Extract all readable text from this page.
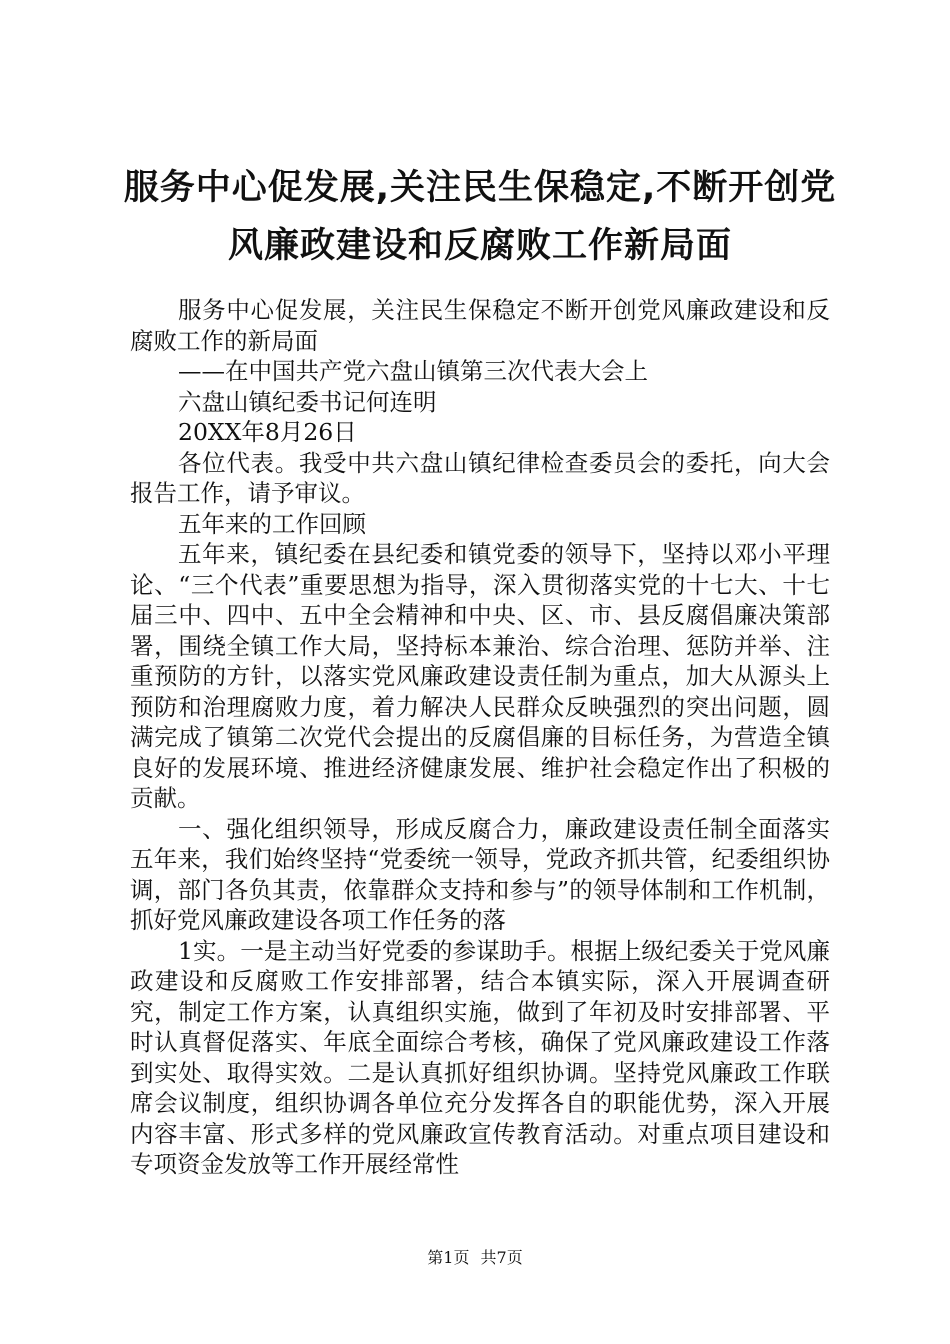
服务中心促发展,关注民生保稳定,不断开创党
风廉政建设和反腐败工作新局面

服务中心促发展，关注民生保稳定不断开创党风廉政建设和反腐败工作的新局面

——在中国共产党六盘山镇第三次代表大会上

六盘山镇纪委书记何连明

20XX年8月26日

各位代表。我受中共六盘山镇纪律检查委员会的委托，向大会报告工作，请予审议。

五年来的工作回顾

五年来，镇纪委在县纪委和镇党委的领导下，坚持以邓小平理论、“三个代表”重要思想为指导，深入贯彻落实党的十七大、十七届三中、四中、五中全会精神和中央、区、市、县反腐倡廉决策部署，围绕全镇工作大局，坚持标本兼治、综合治理、惩防并举、注重预防的方针，以落实党风廉政建设责任制为重点，加大从源头上预防和治理腐败力度，着力解决人民群众反映强烈的突出问题，圆满完成了镇第二次党代会提出的反腐倡廉的目标任务，为营造全镇良好的发展环境、推进经济健康发展、维护社会稳定作出了积极的贡献。

一、强化组织领导，形成反腐合力，廉政建设责任制全面落实五年来，我们始终坚持“党委统一领导，党政齐抓共管，纪委组织协调，部门各负其责，依靠群众支持和参与”的领导体制和工作机制，抓好党风廉政建设各项工作任务的落

1实。一是主动当好党委的参谋助手。根据上级纪委关于党风廉政建设和反腐败工作安排部署，结合本镇实际，深入开展调查研究，制定工作方案，认真组织实施，做到了年初及时安排部署、平时认真督促落实、年底全面综合考核，确保了党风廉政建设工作落到实处、取得实效。二是认真抓好组织协调。坚持党风廉政工作联席会议制度，组织协调各单位充分发挥各自的职能优势，深入开展内容丰富、形式多样的党风廉政宣传教育活动。对重点项目建设和专项资金发放等工作开展经常性

第1页 共7页
